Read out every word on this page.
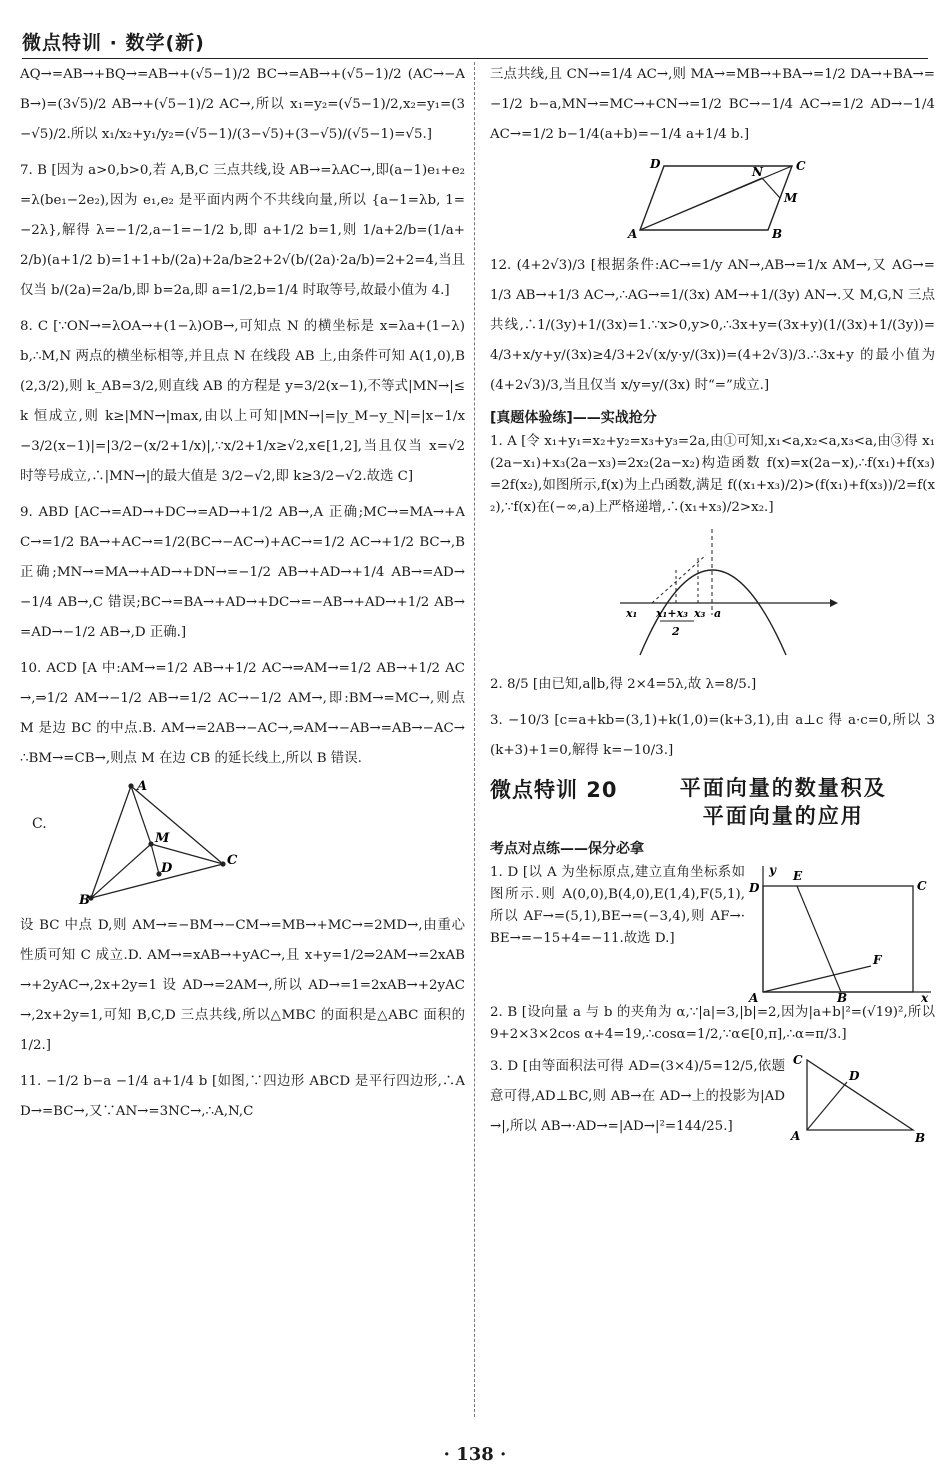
微点特训 · 数学(新)

AQ→=AB→+BQ→=AB→+(√5−1)/2 BC→=AB→+(√5−1)/2 (AC→−AB→)=(3√5)/2 AB→+(√5−1)/2 AC→,所以 x₁=y₂=(√5−1)/2,x₂=y₁=(3−√5)/2.所以 x₁/x₂+y₁/y₂=(√5−1)/(3−√5)+(3−√5)/(√5−1)=√5.]

7. B [因为 a>0,b>0,若 A,B,C 三点共线,设 AB→=λAC→,即(a−1)e₁+e₂=λ(be₁−2e₂),因为 e₁,e₂ 是平面内两个不共线向量,所以 {a−1=λb, 1=−2λ},解得 λ=−1/2,a−1=−1/2 b,即 a+1/2 b=1,则 1/a+2/b=(1/a+2/b)(a+1/2 b)=1+1+b/(2a)+2a/b≥2+2√(b/(2a)·2a/b)=2+2=4,当且仅当 b/(2a)=2a/b,即 b=2a,即 a=1/2,b=1/4 时取等号,故最小值为 4.]

8. C [∵ON→=λOA→+(1−λ)OB→,可知点 N 的横坐标是 x=λa+(1−λ)b,∴M,N 两点的横坐标相等,并且点 N 在线段 AB 上,由条件可知 A(1,0),B(2,3/2),则 k_AB=3/2,则直线 AB 的方程是 y=3/2(x−1),不等式|MN→|≤k 恒成立,则 k≥|MN→|max,由以上可知|MN→|=|y_M−y_N|=|x−1/x−3/2(x−1)|=|3/2−(x/2+1/x)|,∵x/2+1/x≥√2,x∈[1,2],当且仅当 x=√2 时等号成立,∴|MN→|的最大值是 3/2−√2,即 k≥3/2−√2.故选 C]

9. ABD [AC→=AD→+DC→=AD→+1/2 AB→,A 正确;MC→=MA→+AC→=1/2 BA→+AC→=1/2(BC→−AC→)+AC→=1/2 AC→+1/2 BC→,B 正确;MN→=MA→+AD→+DN→=−1/2 AB→+AD→+1/4 AB→=AD→−1/4 AB→,C 错误;BC→=BA→+AD→+DC→=−AB→+AD→+1/2 AB→=AD→−1/2 AB→,D 正确.]

10. ACD [A 中:AM→=1/2 AB→+1/2 AC→⇒AM→=1/2 AB→+1/2 AC→,⇒1/2 AM→−1/2 AB→=1/2 AC→−1/2 AM→,即:BM→=MC→,则点 M 是边 BC 的中点.B. AM→=2AB→−AC→,⇒AM→−AB→=AB→−AC→∴BM→=CB→,则点 M 在边 CB 的延长线上,所以 B 错误.

C.
A
B
C
D
M

设 BC 中点 D,则 AM→=−BM→−CM→=MB→+MC→=2MD→,由重心性质可知 C 成立.D. AM→=xAB→+yAC→,且 x+y=1/2⇒2AM→=2xAB→+2yAC→,2x+2y=1 设 AD→=2AM→,所以 AD→=1=2xAB→+2yAC→,2x+2y=1,可知 B,C,D 三点共线,所以△MBC 的面积是△ABC 面积的 1/2.]

11. −1/2 b−a −1/4 a+1/4 b [如图,∵四边形 ABCD 是平行四边形,∴AD→=BC→,又∵AN→=3NC→,∴A,N,C

三点共线,且 CN→=1/4 AC→,则 MA→=MB→+BA→=1/2 DA→+BA→=−1/2 b−a,MN→=MC→+CN→=1/2 BC→−1/4 AC→=1/2 AD→−1/4 AC→=1/2 b−1/4(a+b)=−1/4 a+1/4 b.]

D
N	C
M
A	B

12. (4+2√3)/3 [根据条件:AC→=1/y AN→,AB→=1/x AM→,又 AG→=1/3 AB→+1/3 AC→,∴AG→=1/(3x) AM→+1/(3y) AN→.又 M,G,N 三点共线,∴1/(3y)+1/(3x)=1.∵x>0,y>0,∴3x+y=(3x+y)(1/(3x)+1/(3y))=4/3+x/y+y/(3x)≥4/3+2√(x/y·y/(3x))=(4+2√3)/3.∴3x+y 的最小值为 (4+2√3)/3,当且仅当 x/y=y/(3x) 时“=”成立.]

[真题体验练]——实战抢分

1. A [令 x₁+y₁=x₂+y₂=x₃+y₃=2a,由①可知,x₁<a,x₂<a,x₃<a,由③得 x₁(2a−x₁)+x₃(2a−x₃)=2x₂(2a−x₂)构造函数 f(x)=x(2a−x),∴f(x₁)+f(x₃)=2f(x₂),如图所示,f(x)为上凸函数,满足 f((x₁+x₃)/2)>(f(x₁)+f(x₃))/2=f(x₂),∵f(x)在(−∞,a)上严格递增,∴(x₁+x₃)/2>x₂.]

x₁ x₁+x₃
2
x₃ a

2. 8/5 [由已知,a∥b,得 2×4=5λ,故 λ=8/5.]

3. −10/3 [c=a+kb=(3,1)+k(1,0)=(k+3,1),由 a⊥c 得 a·c=0,所以 3(k+3)+1=0,解得 k=−10/3.]

微点特训 20	平面向量的数量积及
平面向量的应用
考点对点练——保分必拿

1. D [以 A 为坐标原点,建立直角坐标系如图所示.则 A(0,0),B(4,0),E(1,4),F(5,1),所以 AF→=(5,1),BE→=(−3,4),则 AF→·BE→=−15+4=−11.故选 D.]

y
x
D
E
C
F
A	B

2. B [设向量 a 与 b 的夹角为 α,∵|a|=3,|b|=2,因为|a+b|²=(√19)²,所以 9+2×3×2cos α+4=19,∴cosα=1/2,∵α∈[0,π],∴α=π/3.]

3. D [由等面积法可得 AD=(3×4)/5=12/5,依题意可得,AD⊥BC,则 AB→在 AD→上的投影为|AD→|,所以 AB→·AD→=|AD→|²=144/25.]

C
D
A	B
· 138 ·
